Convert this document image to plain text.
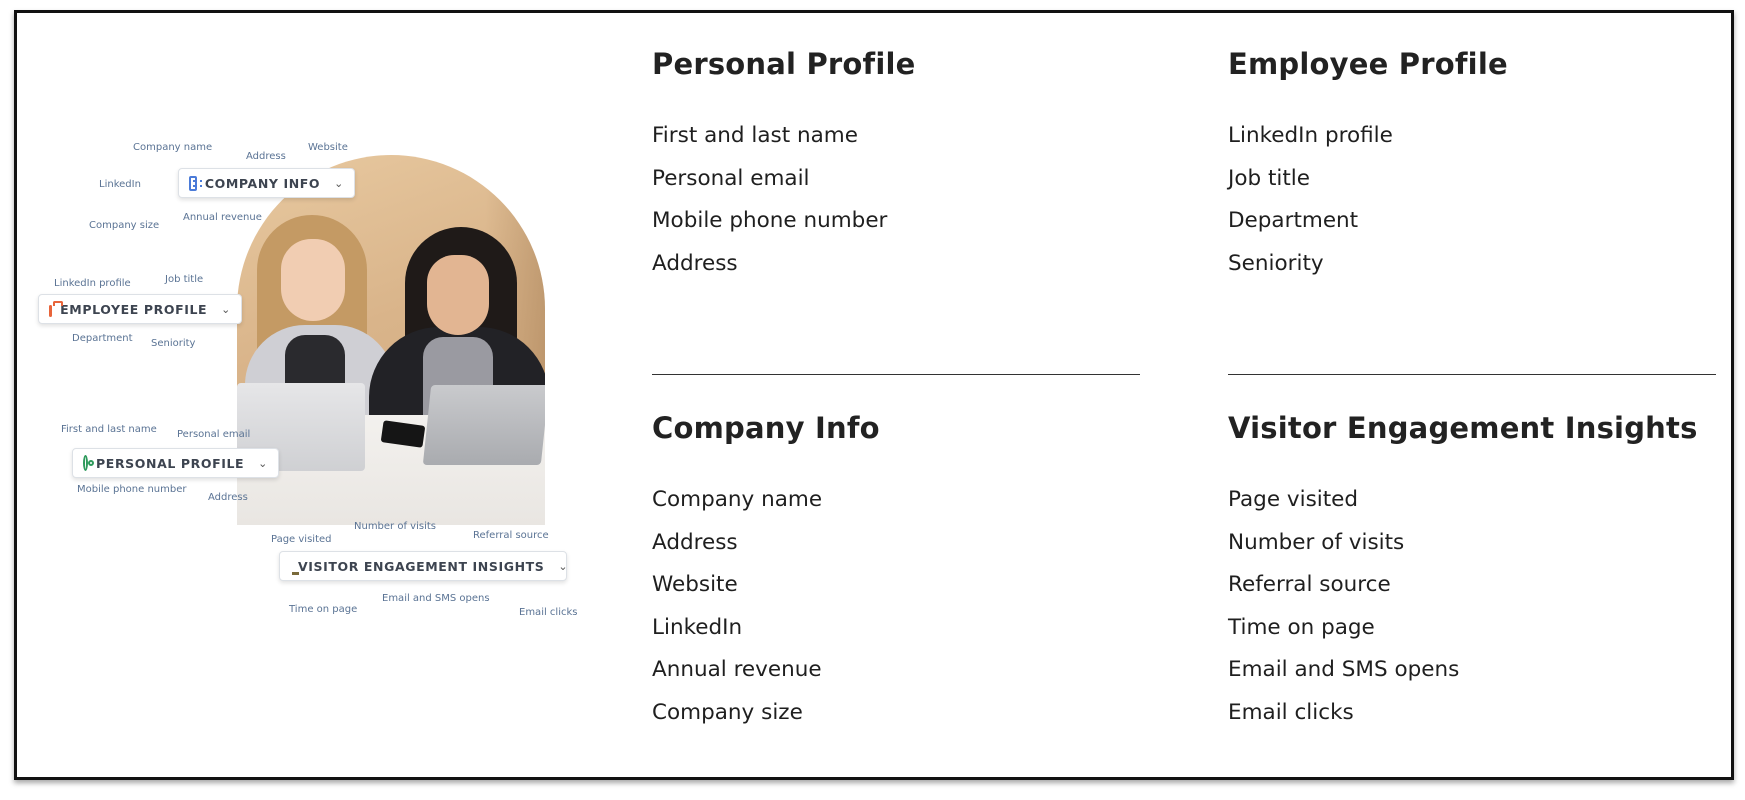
Company name
Address
Website
LinkedIn	COMPANY INFO ⌄
Company size
Annual revenue
LinkedIn profile	Job title
EMPLOYEE PROFILE ⌄
Department Seniority
First and last name Personal email
PERSONAL PROFILE ⌄
Mobile phone number
Address
Page visited
Number of visits
Referral source
VISITOR ENGAGEMENT INSIGHTS ⌄
Time on page
Email and SMS opens
Email clicks
Personal Profile
First and last name
Personal email
Mobile phone number
Address
Employee Profile
LinkedIn profile
Job title
Department
Seniority
Company Info
Company name
Address
Website
LinkedIn
Annual revenue
Company size
Visitor Engagement Insights
Page visited
Number of visits
Referral source
Time on page
Email and SMS opens
Email clicks
